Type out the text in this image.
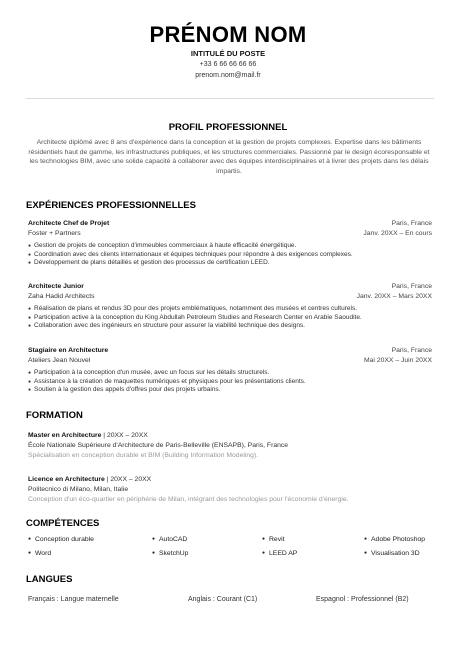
PRÉNOM NOM
INTITULÉ DU POSTE
+33 6 66 66 66 66
prenom.nom@mail.fr
PROFIL PROFESSIONNEL
Architecte diplômé avec 8 ans d'expérience dans la conception et la gestion de projets complexes. Expertise dans les bâtiments résidentiels haut de gamme, les infrastructures publiques, et les structures commerciales. Passionné par le design écoresponsable et les technologies BIM, avec une solide capacité à collaborer avec des équipes interdisciplinaires et à livrer des projets dans les délais impartis.
EXPÉRIENCES PROFESSIONNELLES
Architecte Chef de Projet	Paris, France
Foster + Partners	Janv. 20XX – En cours
● Gestion de projets de conception d'immeubles commerciaux à haute efficacité énergétique.
● Coordination avec des clients internationaux et équipes techniques pour répondre à des exigences complexes.
● Développement de plans détaillés et gestion des processus de certification LEED.
Architecte Junior	Paris, France
Zaha Hadid Architects	Janv. 20XX – Mars 20XX
● Réalisation de plans et rendus 3D pour des projets emblématiques, notamment des musées et centres culturels.
● Participation active à la conception du King Abdullah Petroleum Studies and Research Center en Arabie Saoudite.
● Collaboration avec des ingénieurs en structure pour assurer la viabilité technique des designs.
Stagiaire en Architecture	Paris, France
Ateliers Jean Nouvel	Mai 20XX – Juin 20XX
● Participation à la conception d'un musée, avec un focus sur les détails structurels.
● Assistance à la création de maquettes numériques et physiques pour les présentations clients.
● Soutien à la gestion des appels d'offres pour des projets urbains.
FORMATION
Master en Architecture | 20XX – 20XX
École Nationale Supérieure d'Architecture de Paris-Belleville (ENSAPB), Paris, France
Spécialisation en conception durable et BIM (Building Information Modeling).
Licence en Architecture | 20XX – 20XX
Politecnico di Milano, Milan, Italie
Conception d'un éco-quartier en périphérie de Milan, intégrant des technologies pour l'économie d'énergie.
COMPÉTENCES
● Conception durable	● AutoCAD	● Revit	● Adobe Photoshop
● Word	● SketchUp	● LEED AP	● Visualisation 3D
LANGUES
Français : Langue maternelle	Anglais : Courant (C1)	Espagnol : Professionnel (B2)
